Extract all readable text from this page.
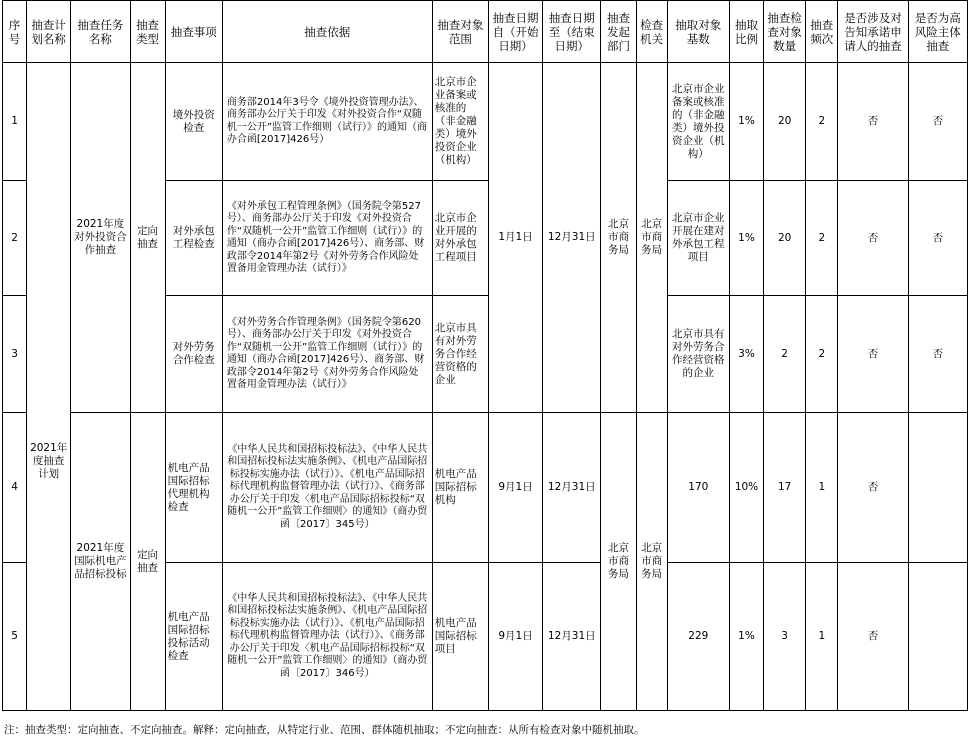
序号	抽查计划名称	抽查任务名称	抽查类型	抽查事项	抽查依据	抽查对象范围	抽查日期自（开始日期）	抽查日期至（结束日期）	抽查发起部门	检查机关	抽取对象基数	抽取比例	抽查检查对象数量	抽查频次	是否涉及对告知承诺申请人的抽查	是否为高风险主体抽查
1	2021年度抽查计划	2021年度对外投资合作抽查	定向抽查	境外投资检查	商务部2014年3号令《境外投资管理办法》、商务部办公厅关于印发《对外投资合作“双随机一公开”监管工作细则（试行）》的通知（商办合函[2017]426号）	北京市企业备案或核准的（非金融类）境外投资企业（机构）	1月1日	12月31日	北京市商务局	北京市商务局	北京市企业备案或核准的（非金融类）境外投资企业（机构）	1%	20	2	否	否
2				对外承包工程检查	《对外承包工程管理条例》（国务院令第527号）、商务部办公厅关于印发《对外投资合作“双随机一公开”监管工作细则（试行）》的通知（商办合函[2017]426号）、商务部、财政部令2014年第2号《对外劳务合作风险处置备用金管理办法（试行）》	北京市企业开展的对外承包工程项目					北京市企业开展在建对外承包工程项目	1%	20	2	否	否
3				对外劳务合作检查	《对外劳务合作管理条例》（国务院令第620号）、商务部办公厅关于印发《对外投资合作“双随机一公开”监管工作细则（试行）》的通知（商办合函[2017]426号）、商务部、财政部令2014年第2号《对外劳务合作风险处置备用金管理办法（试行）》	北京市具有对外劳务合作经营资格的企业					北京市具有对外劳务合作经营资格的企业	3%	2	2	否	否
4		2021年度国际机电产品招标投标	定向抽查	机电产品国际招标代理机构检查	《中华人民共和国招标投标法》、《中华人民共和国招标投标法实施条例》、《机电产品国际招标投标实施办法（试行）》、《机电产品国际招标代理机构监督管理办法（试行）》、《商务部办公厅关于印发〈机电产品国际招标投标“双随机一公开”监管工作细则〉的通知》（商办贸函〔2017〕345号）	机电产品国际招标机构	9月1日	12月31日	北京市商务局	北京市商务局	170	10%	17	1	否	
5				机电产品国际招标投标活动检查	《中华人民共和国招标投标法》、《中华人民共和国招标投标法实施条例》、《机电产品国际招标投标实施办法（试行）》、《机电产品国际招标代理机构监督管理办法（试行）》、《商务部办公厅关于印发〈机电产品国际招标投标“双随机一公开”监管工作细则〉的通知》（商办贸函〔2017〕346号）	机电产品国际招标项目	9月1日	12月31日			229	1%	3	1	否	
注：抽查类型：定向抽查、不定向抽查。解释：定向抽查，从特定行业、范围、群体随机抽取；不定向抽查：从所有检查对象中随机抽取。
